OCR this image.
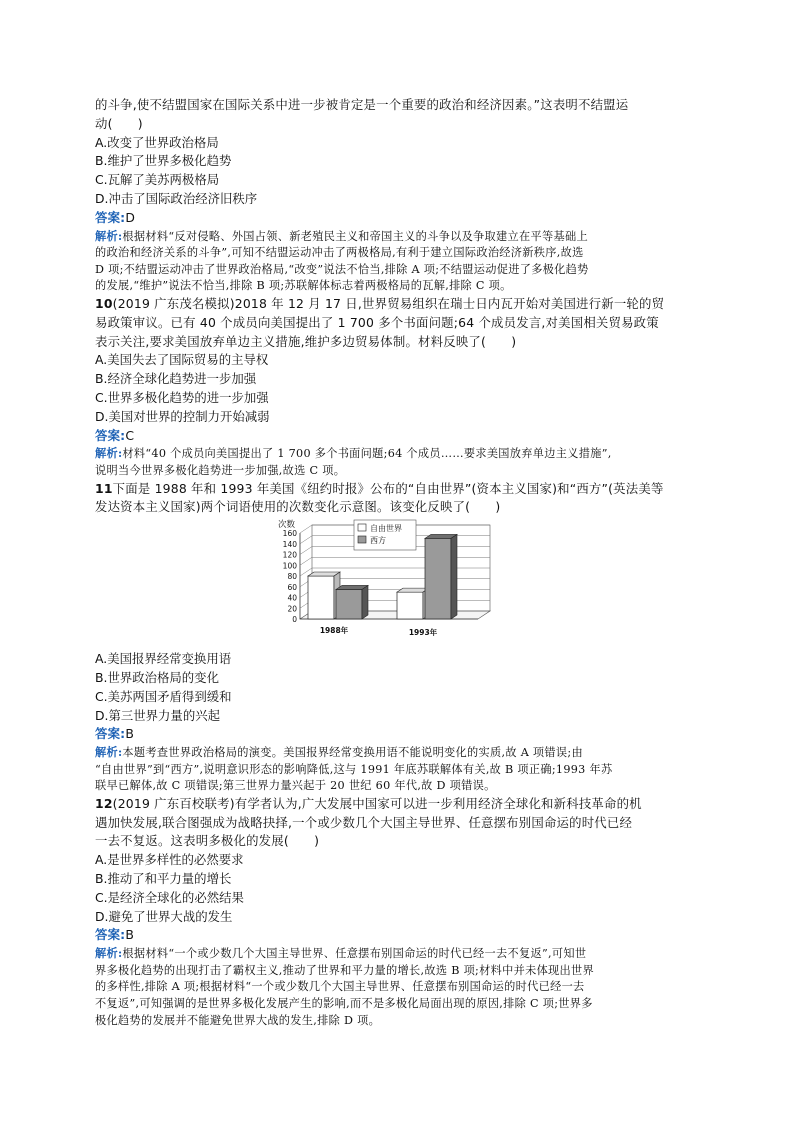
的斗争,使不结盟国家在国际关系中进一步被肯定是一个重要的政治和经济因素。”这表明不结盟运
动(　　)
A.改变了世界政治格局
B.维护了世界多极化趋势
C.瓦解了美苏两极格局
D.冲击了国际政治经济旧秩序
答案:D
解析:根据材料“反对侵略、外国占领、新老殖民主义和帝国主义的斗争以及争取建立在平等基础上
的政治和经济关系的斗争”,可知不结盟运动冲击了两极格局,有利于建立国际政治经济新秩序,故选
D 项;不结盟运动冲击了世界政治格局,“改变”说法不恰当,排除 A 项;不结盟运动促进了多极化趋势
的发展,“维护”说法不恰当,排除 B 项;苏联解体标志着两极格局的瓦解,排除 C 项。
10(2019 广东茂名模拟)2018 年 12 月 17 日,世界贸易组织在瑞士日内瓦开始对美国进行新一轮的贸
易政策审议。已有 40 个成员向美国提出了 1 700 多个书面问题;64 个成员发言,对美国相关贸易政策
表示关注,要求美国放弃单边主义措施,维护多边贸易体制。材料反映了(　　)
A.美国失去了国际贸易的主导权
B.经济全球化趋势进一步加强
C.世界多极化趋势的进一步加强
D.美国对世界的控制力开始减弱
答案:C
解析:材料“40 个成员向美国提出了 1 700 多个书面问题;64 个成员……要求美国放弃单边主义措施”,
说明当今世界多极化趋势进一步加强,故选 C 项。
11下面是 1988 年和 1993 年美国《纽约时报》公布的“自由世界”(资本主义国家)和“西方”(英法美等
发达资本主义国家)两个词语使用的次数变化示意图。该变化反映了(　　)
0
20
40
60
80
100
120
140
160
次数
1988年	1993年
自由世界
西方
A.美国报界经常变换用语
B.世界政治格局的变化
C.美苏两国矛盾得到缓和
D.第三世界力量的兴起
答案:B
解析:本题考查世界政治格局的演变。美国报界经常变换用语不能说明变化的实质,故 A 项错误;由
“自由世界”到“西方”,说明意识形态的影响降低,这与 1991 年底苏联解体有关,故 B 项正确;1993 年苏
联早已解体,故 C 项错误;第三世界力量兴起于 20 世纪 60 年代,故 D 项错误。
12(2019 广东百校联考)有学者认为,广大发展中国家可以进一步利用经济全球化和新科技革命的机
遇加快发展,联合图强成为战略抉择,一个或少数几个大国主导世界、任意摆布别国命运的时代已经
一去不复返。这表明多极化的发展(　　)
A.是世界多样性的必然要求
B.推动了和平力量的增长
C.是经济全球化的必然结果
D.避免了世界大战的发生
答案:B
解析:根据材料“一个或少数几个大国主导世界、任意摆布别国命运的时代已经一去不复返”,可知世
界多极化趋势的出现打击了霸权主义,推动了世界和平力量的增长,故选 B 项;材料中并未体现出世界
的多样性,排除 A 项;根据材料“一个或少数几个大国主导世界、任意摆布别国命运的时代已经一去
不复返”,可知强调的是世界多极化发展产生的影响,而不是多极化局面出现的原因,排除 C 项;世界多
极化趋势的发展并不能避免世界大战的发生,排除 D 项。
